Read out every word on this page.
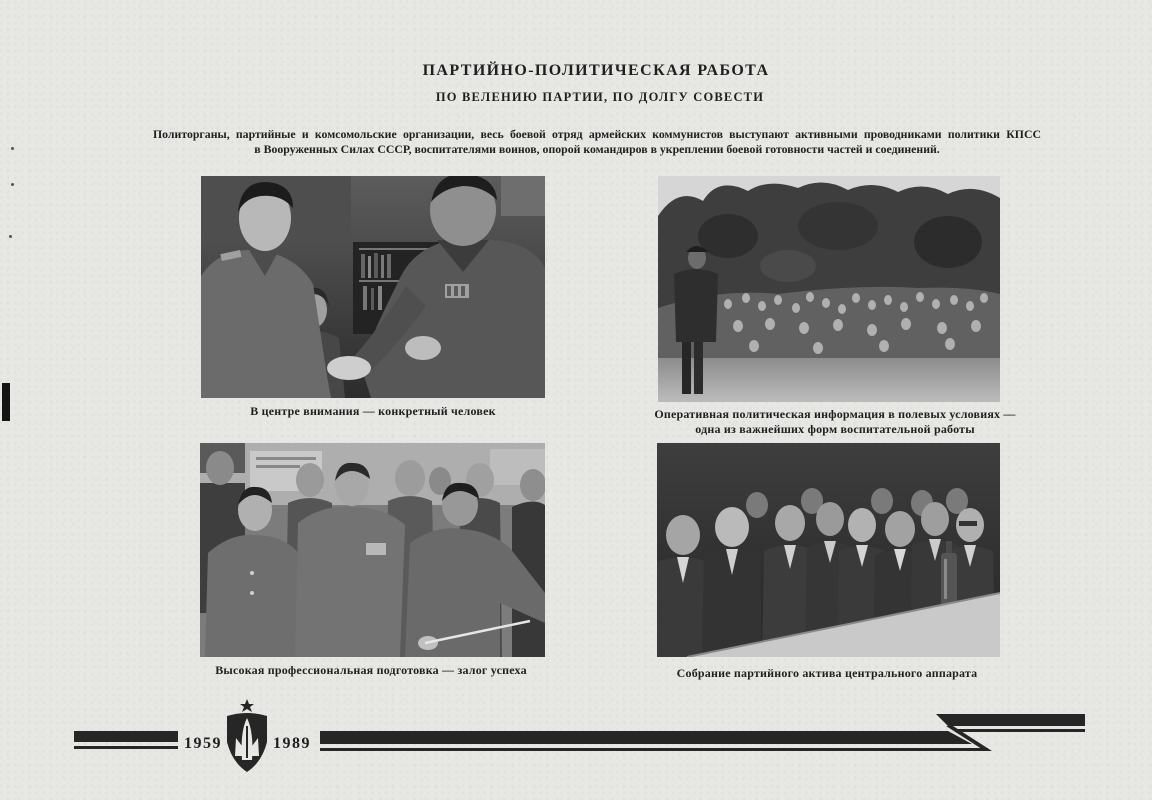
ПАРТИЙНО-ПОЛИТИЧЕСКАЯ РАБОТА
ПО ВЕЛЕНИЮ ПАРТИИ, ПО ДОЛГУ СОВЕСТИ
Политорганы, партийные и комсомольские организации, весь боевой отряд армейских коммунистов выступают активными проводниками политики КПСС
в Вооруженных Силах СССР, воспитателями воинов, опорой командиров в укреплении боевой готовности частей и соединений.
В центре внимания — конкретный человек	Оперативная политическая информация в полевых условиях —
одна из важнейших форм воспитательной работы
Высокая профессиональная подготовка — залог успеха	Собрание партийного актива центрального аппарата
1959	1989
